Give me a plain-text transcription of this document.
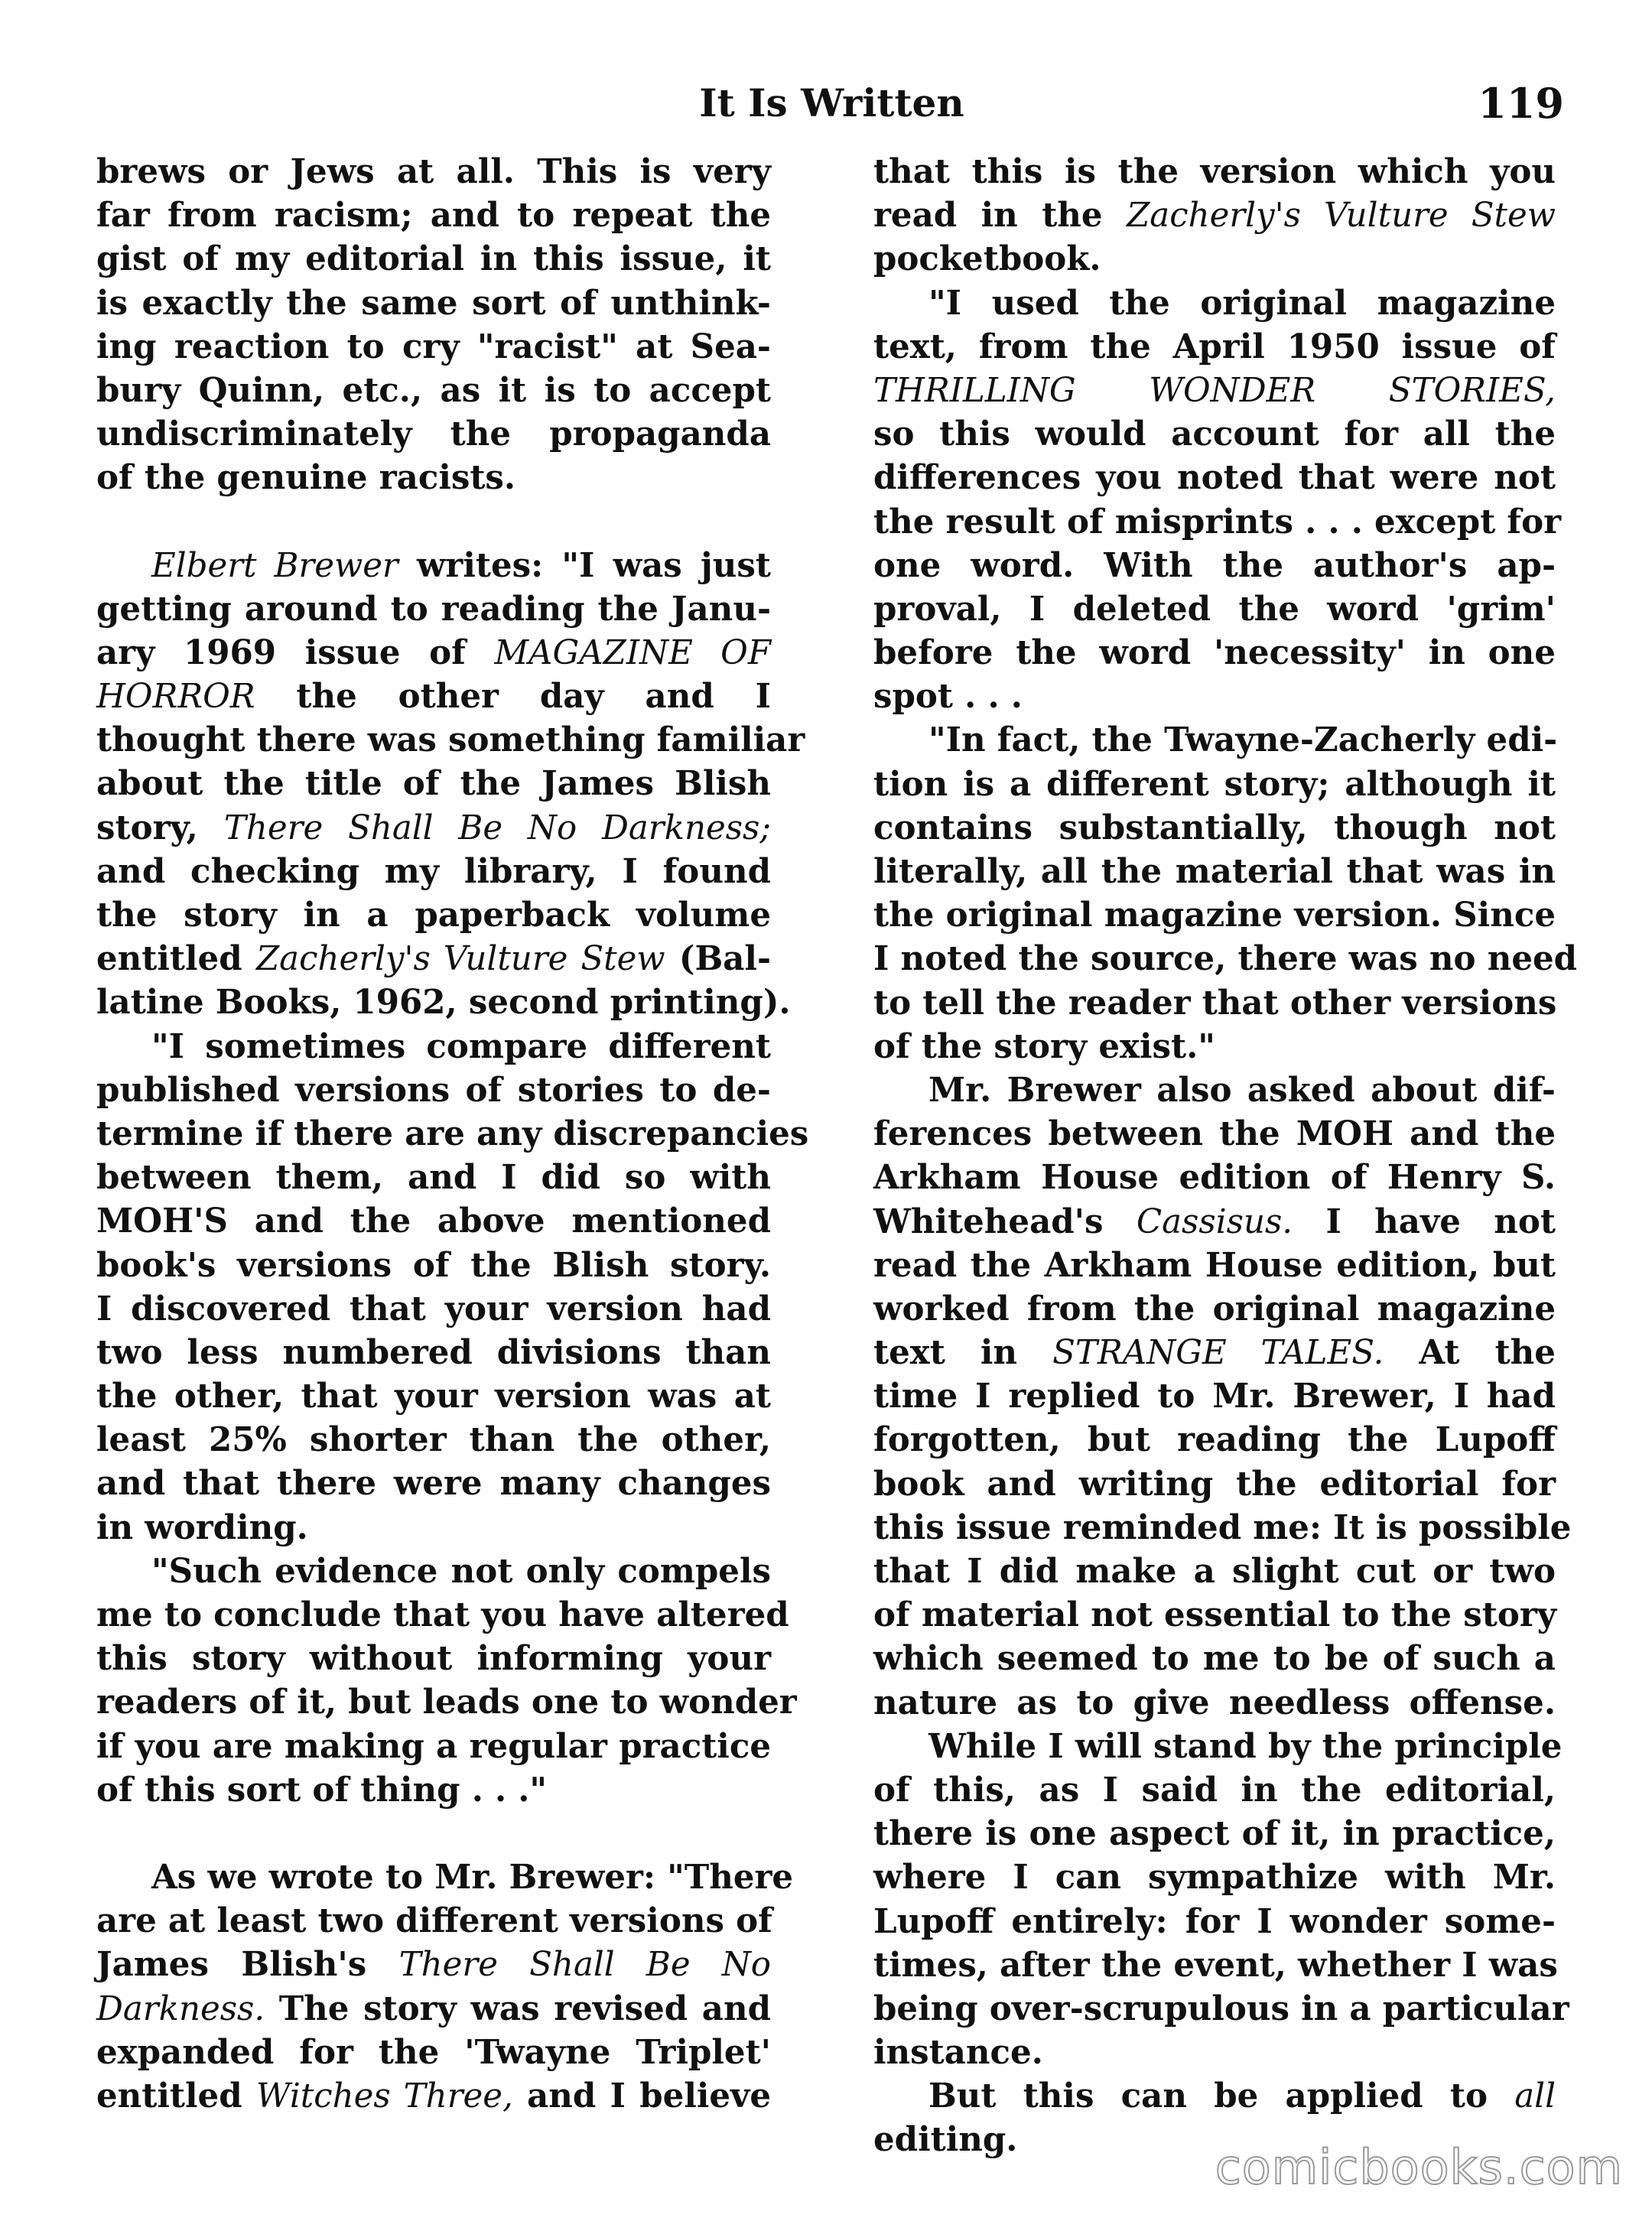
It Is Written	119
brews or Jews at all. This is very
far from racism; and to repeat the
gist of my editorial in this issue, it
is exactly the same sort of unthink-
ing reaction to cry "racist" at Sea-
bury Quinn, etc., as it is to accept
undiscriminately the propaganda
of the genuine racists.
Elbert Brewer writes: "I was just
getting around to reading the Janu-
ary 1969 issue of MAGAZINE OF
HORROR the other day and I
thought there was something familiar
about the title of the James Blish
story, There Shall Be No Darkness;
and checking my library, I found
the story in a paperback volume
entitled Zacherly's Vulture Stew (Bal-
latine Books, 1962, second printing).
"I sometimes compare different
published versions of stories to de-
termine if there are any discrepancies
between them, and I did so with
MOH'S and the above mentioned
book's versions of the Blish story.
I discovered that your version had
two less numbered divisions than
the other, that your version was at
least 25% shorter than the other,
and that there were many changes
in wording.
"Such evidence not only compels
me to conclude that you have altered
this story without informing your
readers of it, but leads one to wonder
if you are making a regular practice
of this sort of thing . . ."
As we wrote to Mr. Brewer: "There
are at least two different versions of
James Blish's There Shall Be No
Darkness. The story was revised and
expanded for the 'Twayne Triplet'
entitled Witches Three, and I believe
that this is the version which you
read in the Zacherly's Vulture Stew
pocketbook.
"I used the original magazine
text, from the April 1950 issue of
THRILLING WONDER STORIES,
so this would account for all the
differences you noted that were not
the result of misprints . . . except for
one word. With the author's ap-
proval, I deleted the word 'grim'
before the word 'necessity' in one
spot . . .
"In fact, the Twayne-Zacherly edi-
tion is a different story; although it
contains substantially, though not
literally, all the material that was in
the original magazine version. Since
I noted the source, there was no need
to tell the reader that other versions
of the story exist."
Mr. Brewer also asked about dif-
ferences between the MOH and the
Arkham House edition of Henry S.
Whitehead's Cassisus. I have not
read the Arkham House edition, but
worked from the original magazine
text in STRANGE TALES. At the
time I replied to Mr. Brewer, I had
forgotten, but reading the Lupoff
book and writing the editorial for
this issue reminded me: It is possible
that I did make a slight cut or two
of material not essential to the story
which seemed to me to be of such a
nature as to give needless offense.
While I will stand by the principle
of this, as I said in the editorial,
there is one aspect of it, in practice,
where I can sympathize with Mr.
Lupoff entirely: for I wonder some-
times, after the event, whether I was
being over-scrupulous in a particular
instance.
But this can be applied to all
editing.	comicbooks.com
